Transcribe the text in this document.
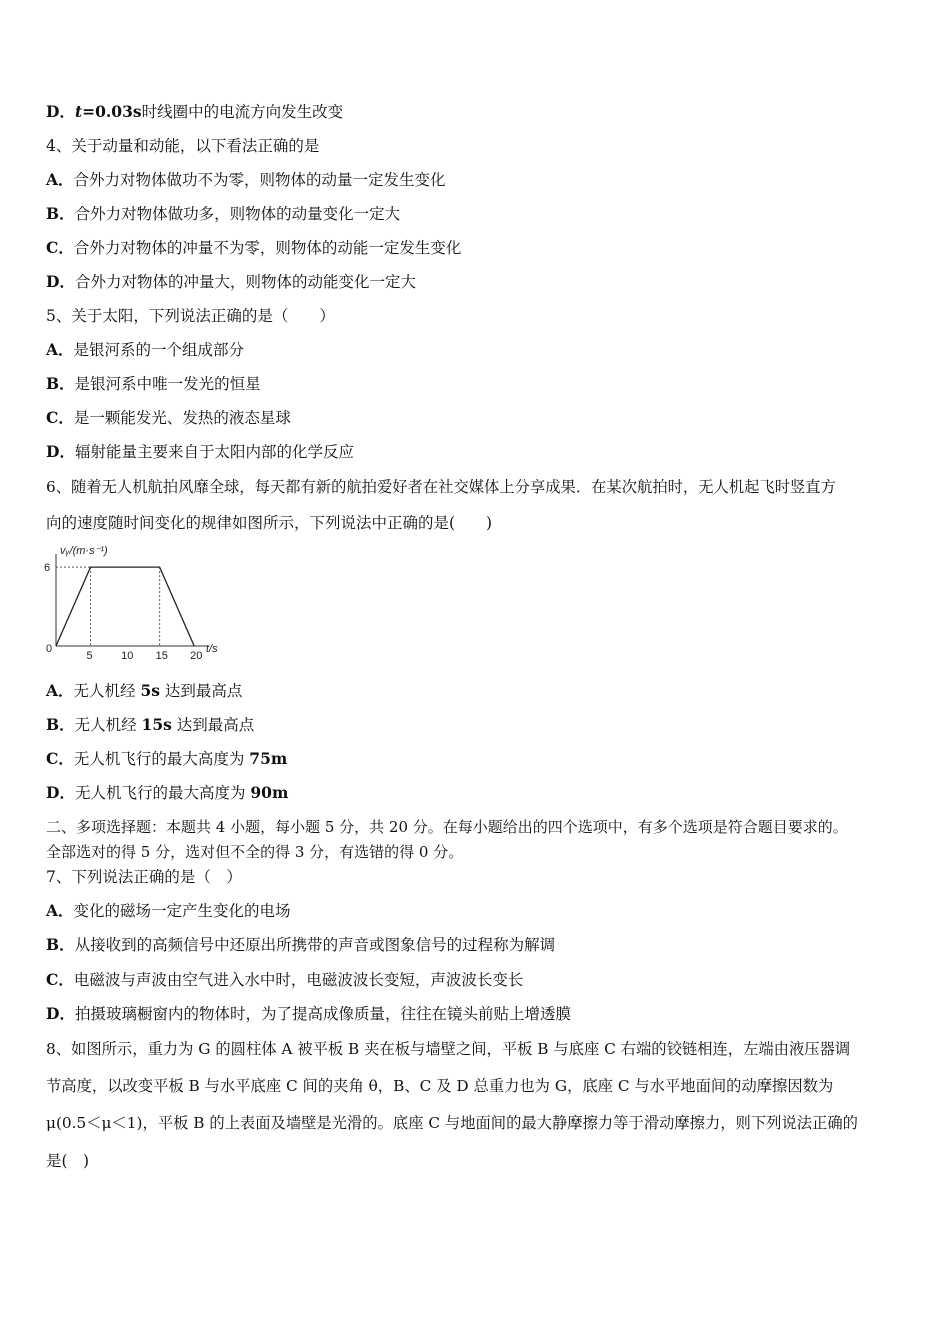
D．t=0.03s时线圈中的电流方向发生改变
4、关于动量和动能，以下看法正确的是
A．合外力对物体做功不为零，则物体的动量一定发生变化
B．合外力对物体做功多，则物体的动量变化一定大
C．合外力对物体的冲量不为零，则物体的动能一定发生变化
D．合外力对物体的冲量大，则物体的动能变化一定大
5、关于太阳，下列说法正确的是（　　）
A．是银河系的一个组成部分
B．是银河系中唯一发光的恒星
C．是一颗能发光、发热的液态星球
D．辐射能量主要来自于太阳内部的化学反应
6、随着无人机航拍风靡全球，每天都有新的航拍爱好者在社交媒体上分享成果．在某次航拍时，无人机起飞时竖直方
向的速度随时间变化的规律如图所示，下列说法中正确的是(　　)
vᵧ/(m·s⁻¹)
0	t/s
5	10 15 20
6
A．无人机经 5s 达到最高点
B．无人机经 15s 达到最高点
C．无人机飞行的最大高度为 75m
D．无人机飞行的最大高度为 90m
二、多项选择题：本题共 4 小题，每小题 5 分，共 20 分。在每小题给出的四个选项中，有多个选项是符合题目要求的。
全部选对的得 5 分，选对但不全的得 3 分，有选错的得 0 分。
7、下列说法正确的是（　）
A．变化的磁场一定产生变化的电场
B．从接收到的高频信号中还原出所携带的声音或图象信号的过程称为解调
C．电磁波与声波由空气进入水中时，电磁波波长变短，声波波长变长
D．拍摄玻璃橱窗内的物体时，为了提高成像质量，往往在镜头前贴上增透膜
8、如图所示，重力为 G 的圆柱体 A 被平板 B 夹在板与墙壁之间，平板 B 与底座 C 右端的铰链相连，左端由液压器调
节高度，以改变平板 B 与水平底座 C 间的夹角 θ，B、C 及 D 总重力也为 G，底座 C 与水平地面间的动摩擦因数为
μ(0.5＜μ＜1)，平板 B 的上表面及墙壁是光滑的。底座 C 与地面间的最大静摩擦力等于滑动摩擦力，则下列说法正确的
是(　)
